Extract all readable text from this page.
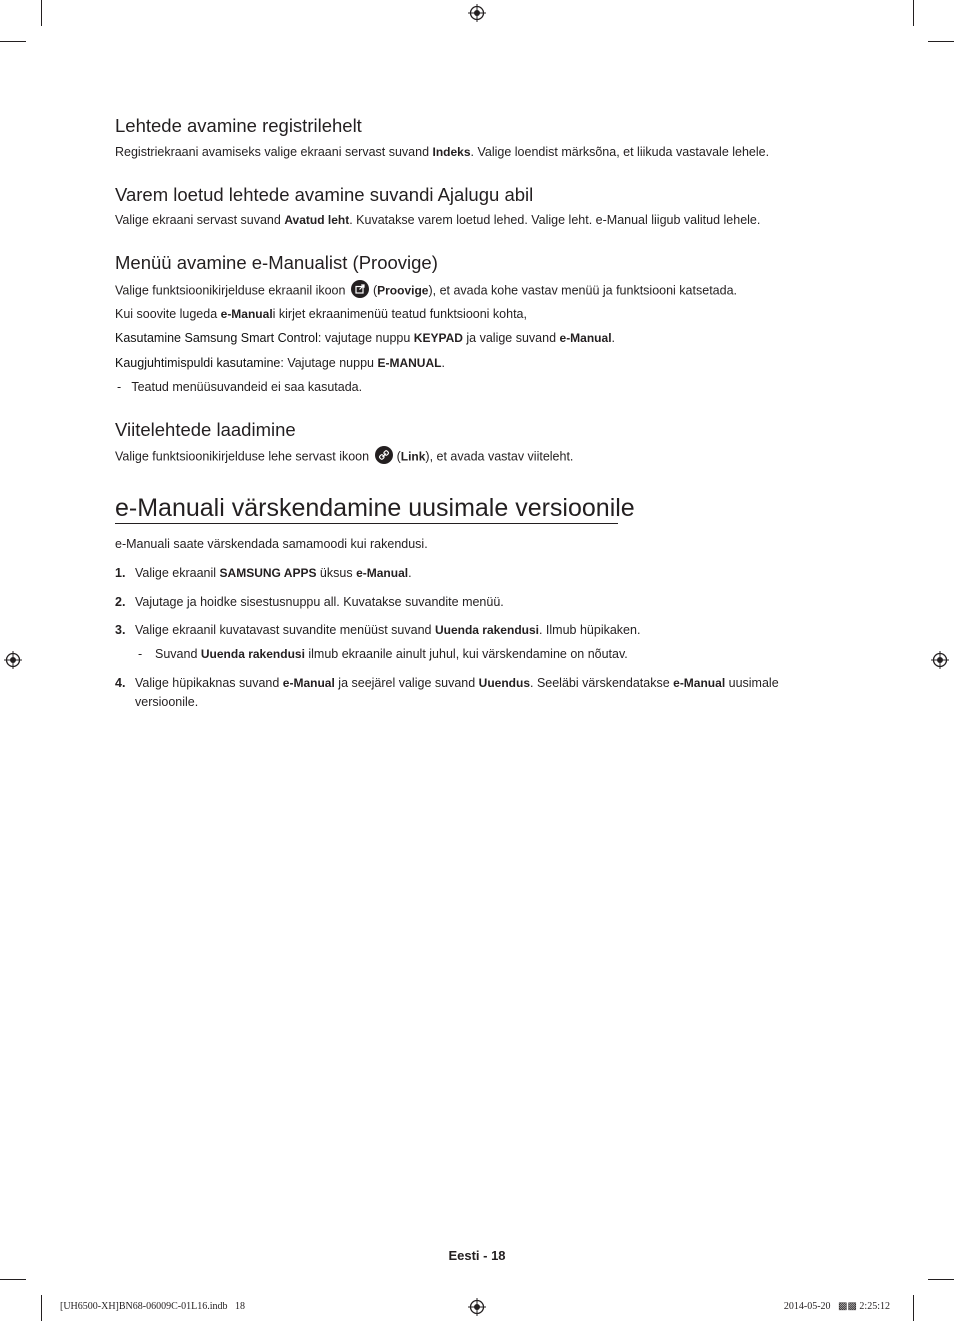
Lehtede avamine registrilehelt

Registriekraani avamiseks valige ekraani servast suvand Indeks. Valige loendist märksõna, et liikuda vastavale lehele.

Varem loetud lehtede avamine suvandi Ajalugu abil

Valige ekraani servast suvand Avatud leht. Kuvatakse varem loetud lehed. Valige leht. e-Manual liigub valitud lehele.

Menüü avamine e-Manualist (Proovige)

Valige funktsioonikirjelduse ekraanil ikoon
(Proovige), et avada kohe vastav menüü ja funktsiooni katsetada.

Kui soovite lugeda e-Manuali kirjet ekraanimenüü teatud funktsiooni kohta,

Kasutamine Samsung Smart Control: vajutage nuppu KEYPAD ja valige suvand e-Manual.

Kaugjuhtimispuldi kasutamine: Vajutage nuppu E-MANUAL.

-   Teatud menüüsuvandeid ei saa kasutada.

Viitelehtede laadimine

Valige funktsioonikirjelduse lehe servast ikoon
(Link), et avada vastav viiteleht.

e-Manuali värskendamine uusimale versioonile

e-Manuali saate värskendada samamoodi kui rakendusi.

1. Valige ekraanil SAMSUNG APPS üksus e-Manual.

2. Vajutage ja hoidke sisestusnuppu all. Kuvatakse suvandite menüü.

3. Valige ekraanil kuvatavast suvandite menüüst suvand Uuenda rakendusi. Ilmub hüpikaken.

- Suvand Uuenda rakendusi ilmub ekraanile ainult juhul, kui värskendamine on nõutav.

4. Valige hüpikaknas suvand e-Manual ja seejärel valige suvand Uuendus. Seeläbi värskendatakse e-Manual uusimale

versioonile.

Eesti - 18
[UH6500-XH]BN68-06009C-01L16.indb   18	2014-05-20   ▩▩ 2:25:12
